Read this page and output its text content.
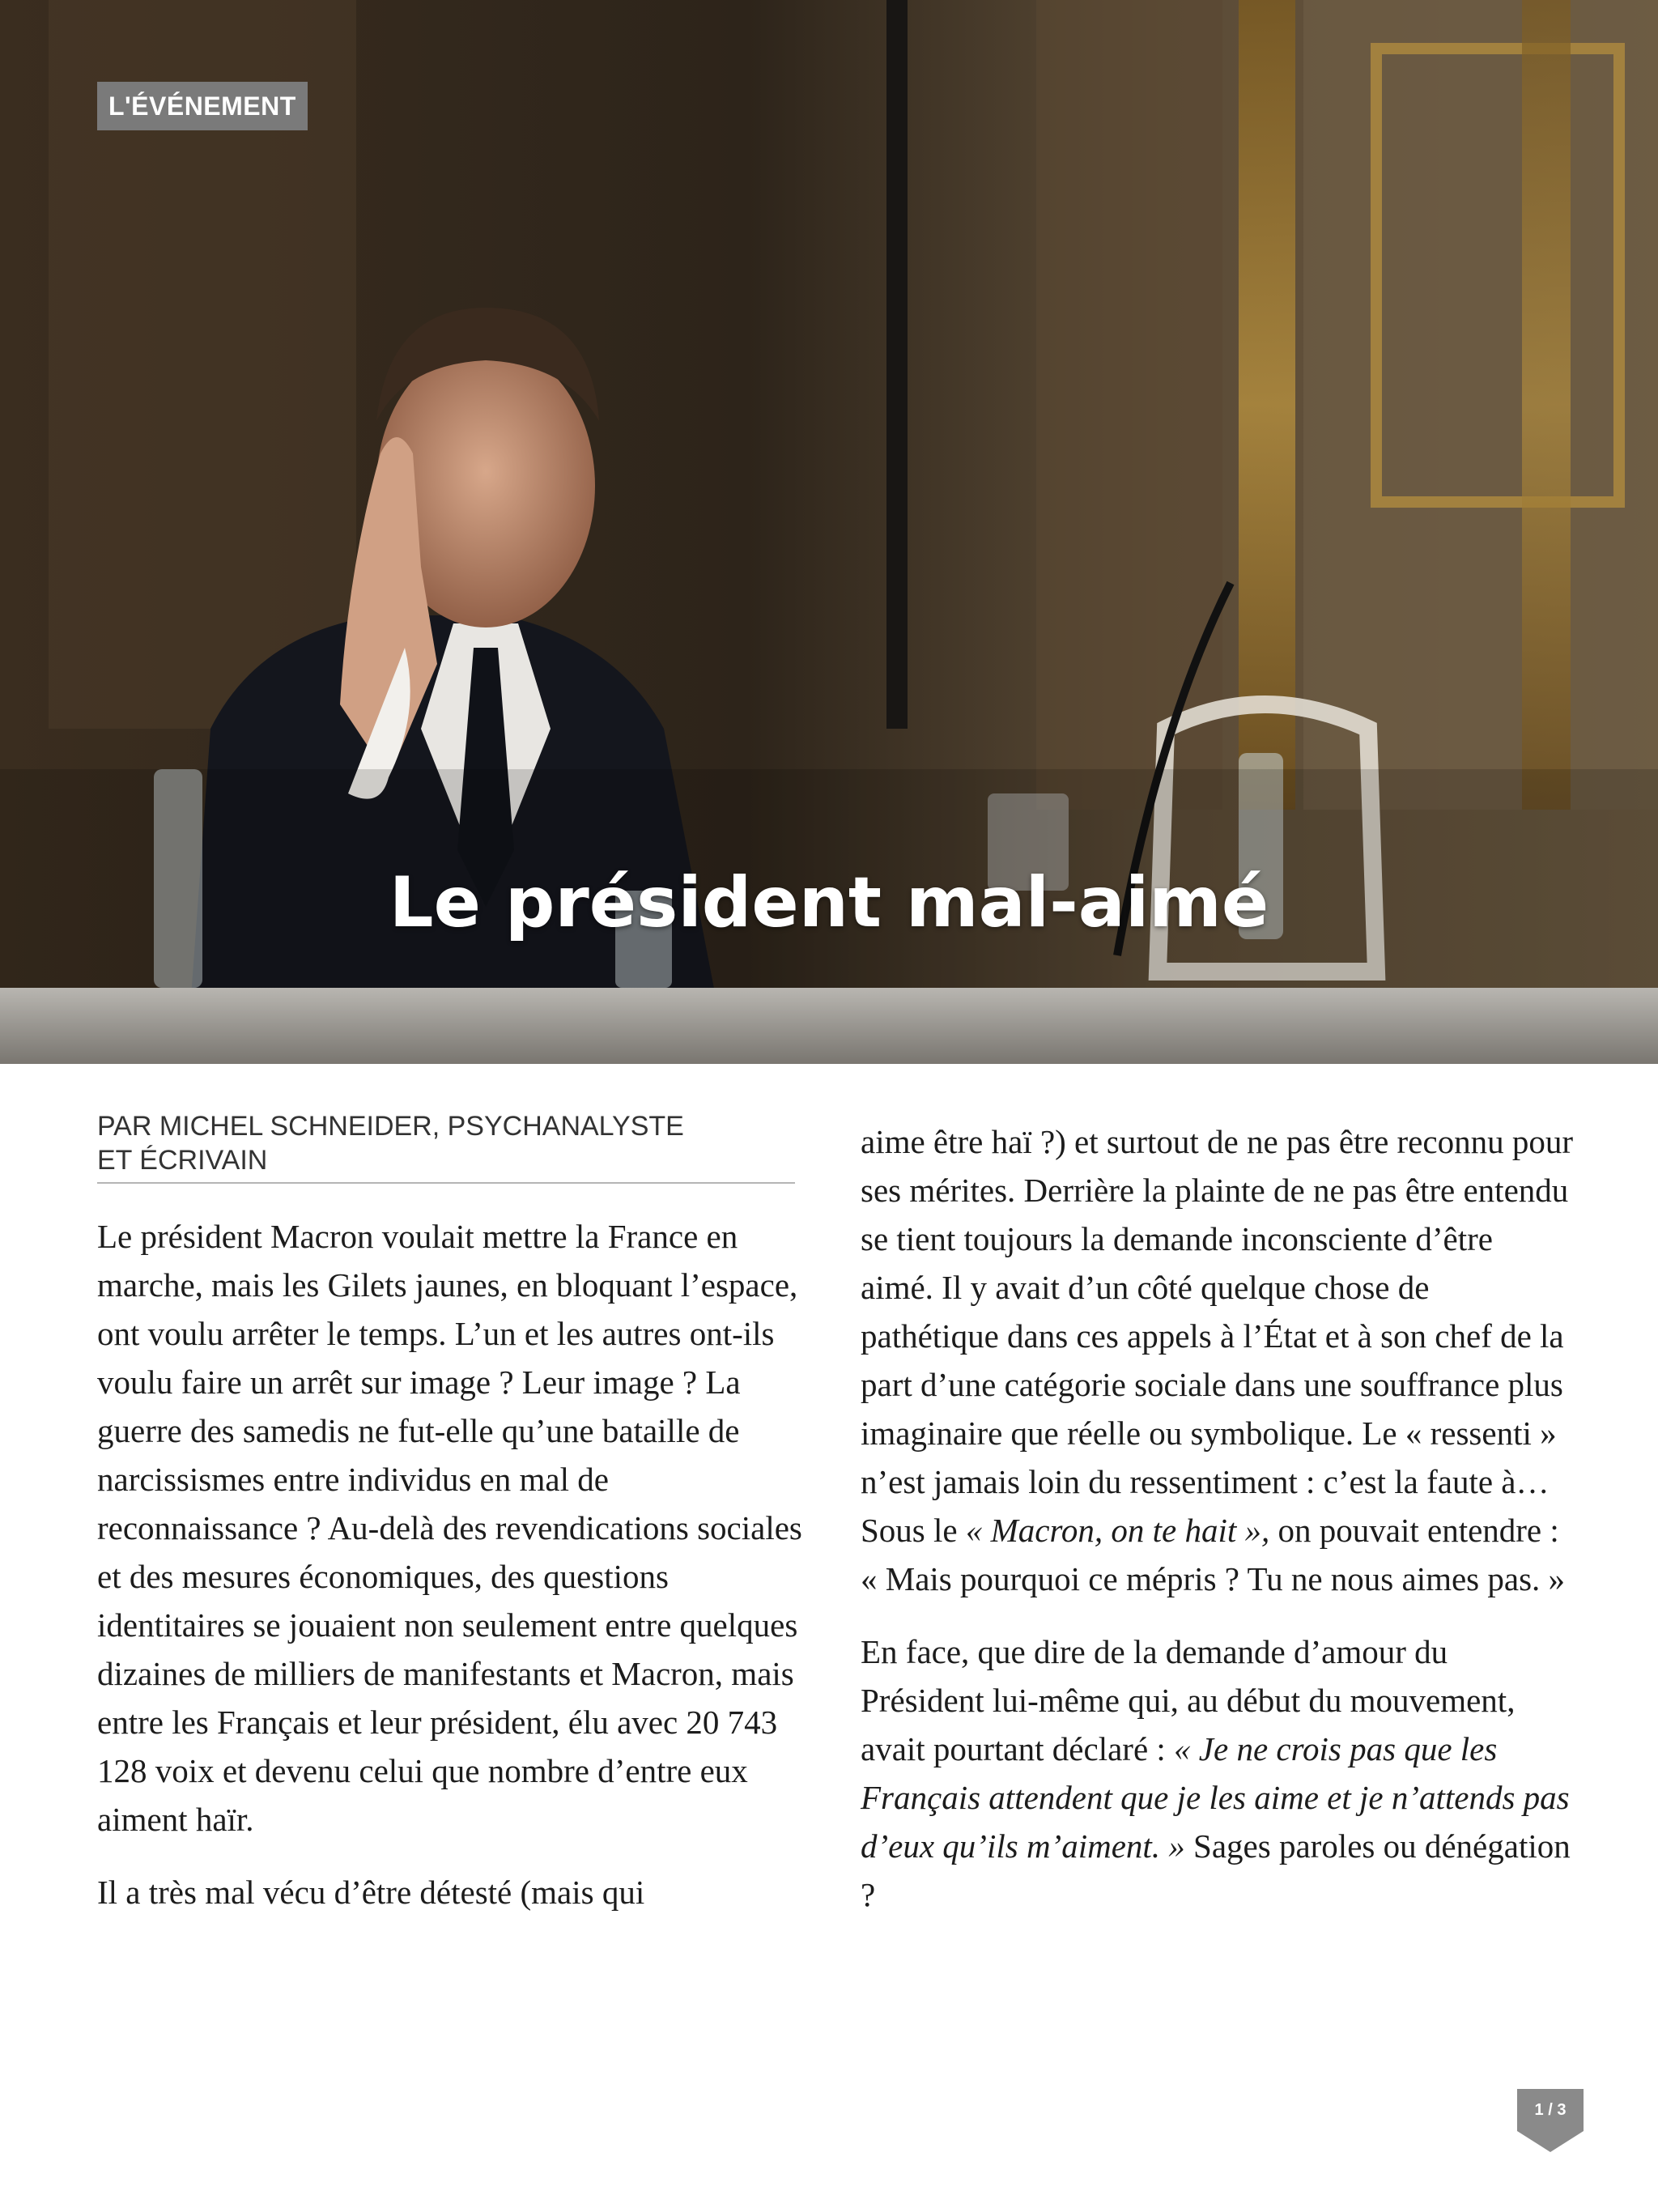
L'ÉVÉNEMENT
Le président mal-aimé
PAR MICHEL SCHNEIDER, PSYCHANALYSTE
ET ÉCRIVAIN

Le président Macron voulait mettre la France en marche, mais les Gilets jaunes, en bloquant l’espace, ont voulu arrêter le temps. L’un et les autres ont-ils voulu faire un arrêt sur image ? Leur image ? La guerre des samedis ne fut-elle qu’une bataille de narcissismes entre individus en mal de reconnaissance ? Au-delà des revendications sociales et des mesures économiques, des questions identitaires se jouaient non seulement entre quelques dizaines de milliers de manifestants et Macron, mais entre les Français et leur président, élu avec 20 743 128 voix et devenu celui que nombre d’entre eux aiment haïr.

Il a très mal vécu d’être détesté (mais qui

aime être haï ?) et surtout de ne pas être reconnu pour ses mérites. Derrière la plainte de ne pas être entendu se tient toujours la demande inconsciente d’être aimé. Il y avait d’un côté quelque chose de pathétique dans ces appels à l’État et à son chef de la part d’une catégorie sociale dans une souffrance plus imaginaire que réelle ou symbolique. Le « ressenti » n’est jamais loin du ressentiment : c’est la faute à… Sous le « Macron, on te hait », on pouvait entendre : « Mais pourquoi ce mépris ? Tu ne nous aimes pas. »

En face, que dire de la demande d’amour du Président lui-même qui, au début du mouvement, avait pourtant déclaré : « Je ne crois pas que les Français attendent que je les aime et je n’attends pas d’eux qu’ils m’aiment. » Sages paroles ou dénégation ?

1 / 3
